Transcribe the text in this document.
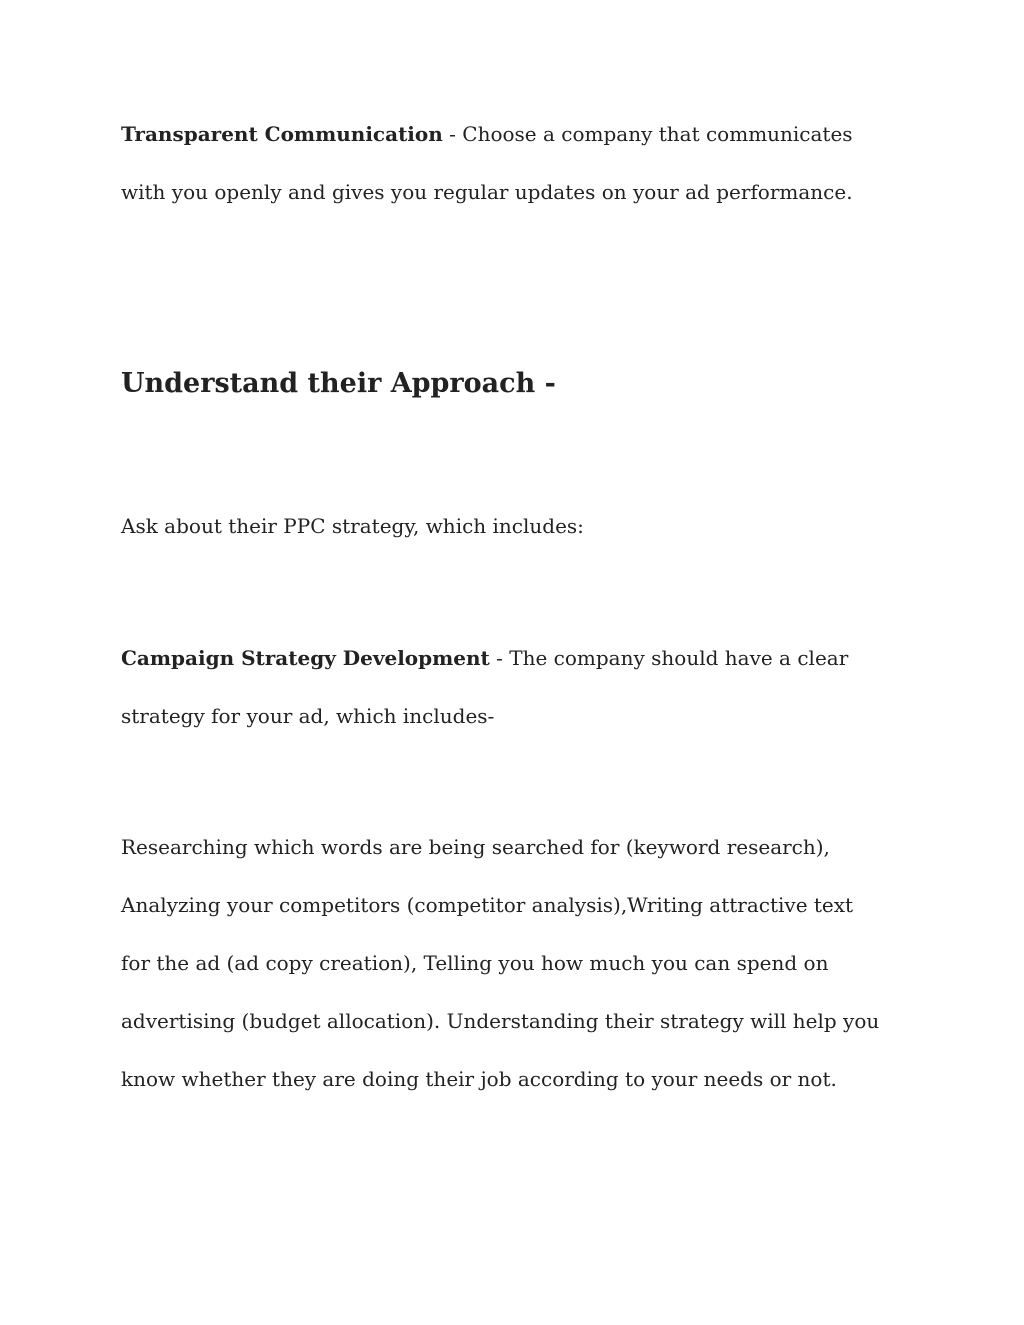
Transparent Communication - Choose a company that communicates with you openly and gives you regular updates on your ad performance.

Understand their Approach -

Ask about their PPC strategy, which includes:

Campaign Strategy Development - The company should have a clear strategy for your ad, which includes-

Researching which words are being searched for (keyword research), Analyzing your competitors (competitor analysis),Writing attractive text for the ad (ad copy creation), Telling you how much you can spend on advertising (budget allocation). Understanding their strategy will help you know whether they are doing their job according to your needs or not.
